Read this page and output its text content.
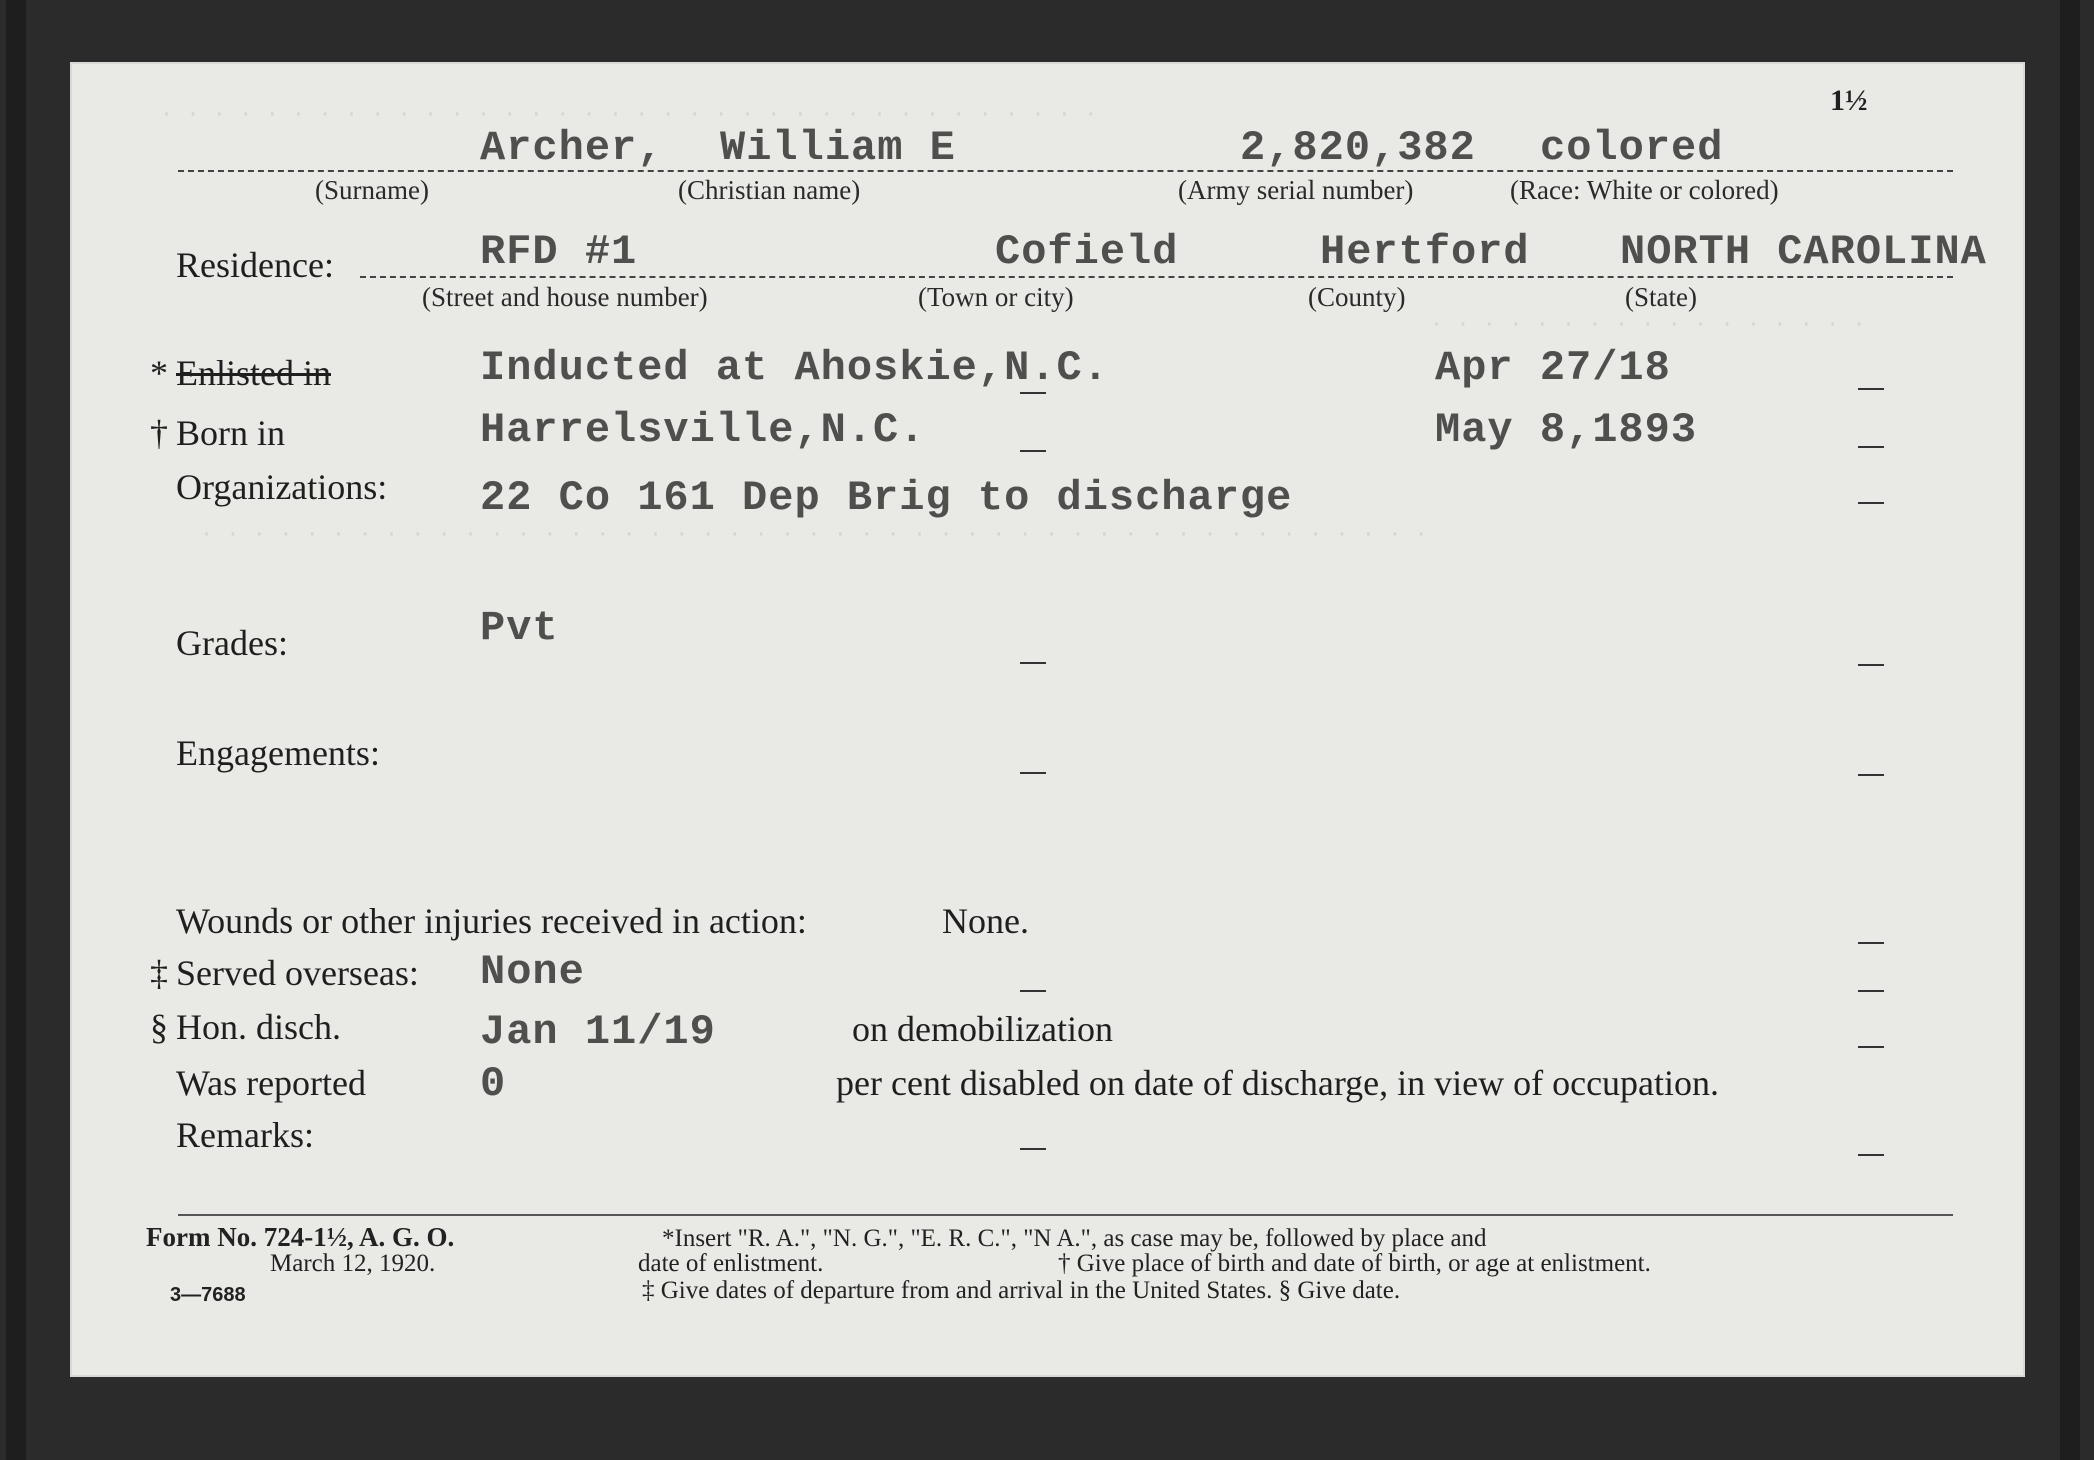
· · · · · · · · · · · · · · · · · · · · · · · · · · · · · · · · · · · ·
· · · · · · · · · · · · · · · · ·
· · · · · · · · · · · · · · · · · · · · · · · · · · · · · · · · · · · · · · · · · · · · · · ·
1½
Archer, William E	2,820,382 colored
(Surname)	(Christian name)	(Army serial number)	(Race: White or colored)
Residence:	RFD #1	Cofield	Hertford NORTH CAROLINA
(Street and house number)	(Town or city)	(County)	(State)
* Enlisted in	Inducted at Ahoskie,N.C.	Apr 27/18
† Born in	Harrelsville,N.C.	May 8,1893
Organizations: 22 Co 161 Dep Brig to discharge
Grades:	Pvt
Engagements:
Wounds or other injuries received in action:	None.
‡ Served overseas: None
§ Hon. disch.	Jan 11/19	on demobilization
Was reported	0	per cent disabled on date of discharge, in view of occupation.
Remarks:
Form No. 724-1½, A. G. O.
March 12, 1920.
3—7688
*Insert "R. A.", "N. G.", "E. R. C.", "N A.", as case may be, followed by place and
date of enlistment.	† Give place of birth and date of birth, or age at enlistment.
‡ Give dates of departure from and arrival in the United States. § Give date.
